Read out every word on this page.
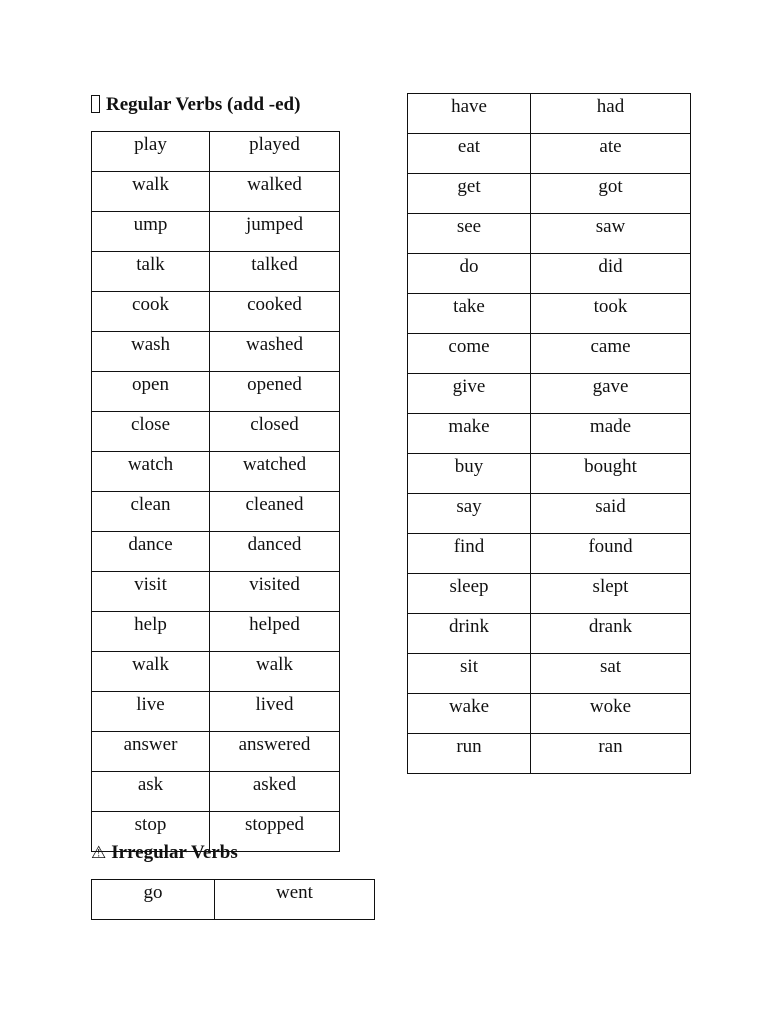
Regular Verbs (add -ed)
play	played
walk	walked
ump	jumped
talk	talked
cook	cooked
wash	washed
open	opened
close	closed
watch	watched
clean	cleaned
dance	danced
visit	visited
help	helped
walk	walk
live	lived
answer	answered
ask	asked
stop	stopped
⚠ Irregular Verbs
go	went
have	had
eat	ate
get	got
see	saw
do	did
take	took
come	came
give	gave
make	made
buy	bought
say	said
find	found
sleep	slept
drink	drank
sit	sat
wake	woke
run	ran
